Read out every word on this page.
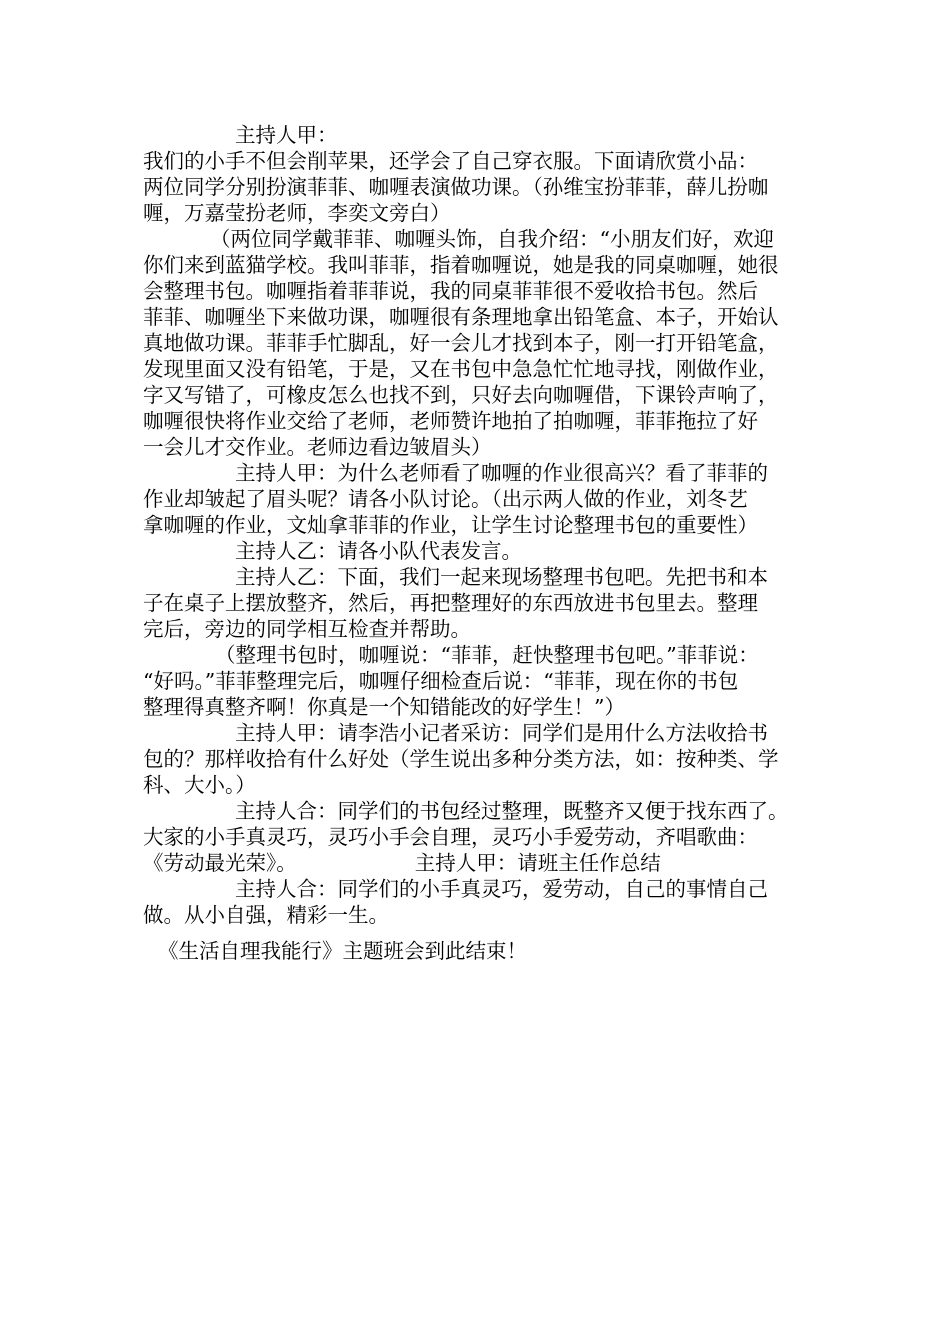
主持人甲：
我们的小手不但会削苹果，还学会了自己穿衣服。下面请欣赏小品：
两位同学分别扮演菲菲、咖喱表演做功课。（孙维宝扮菲菲，薛儿扮咖
喱，万嘉莹扮老师，李奕文旁白）
（两位同学戴菲菲、咖喱头饰，自我介绍：“小朋友们好，欢迎
你们来到蓝猫学校。我叫菲菲，指着咖喱说，她是我的同桌咖喱，她很
会整理书包。咖喱指着菲菲说，我的同桌菲菲很不爱收拾书包。然后
菲菲、咖喱坐下来做功课，咖喱很有条理地拿出铅笔盒、本子，开始认
真地做功课。菲菲手忙脚乱，好一会儿才找到本子，刚一打开铅笔盒，
发现里面又没有铅笔，于是，又在书包中急急忙忙地寻找，刚做作业，
字又写错了，可橡皮怎么也找不到，只好去向咖喱借，下课铃声响了，
咖喱很快将作业交给了老师，老师赞许地拍了拍咖喱，菲菲拖拉了好
一会儿才交作业。老师边看边皱眉头）
主持人甲：为什么老师看了咖喱的作业很高兴？看了菲菲的
作业却皱起了眉头呢？请各小队讨论。（出示两人做的作业，刘冬艺
拿咖喱的作业，文灿拿菲菲的作业，让学生讨论整理书包的重要性）
主持人乙：请各小队代表发言。
主持人乙：下面，我们一起来现场整理书包吧。先把书和本
子在桌子上摆放整齐，然后，再把整理好的东西放进书包里去。整理
完后，旁边的同学相互检查并帮助。
（整理书包时，咖喱说：“菲菲，赶快整理书包吧。”菲菲说：
“好吗。”菲菲整理完后，咖喱仔细检查后说：“菲菲，现在你的书包
整理得真整齐啊！你真是一个知错能改的好学生！”）
主持人甲：请李浩小记者采访：同学们是用什么方法收拾书
包的？那样收拾有什么好处（学生说出多种分类方法，如：按种类、学
科、大小。）
主持人合：同学们的书包经过整理，既整齐又便于找东西了。
大家的小手真灵巧，灵巧小手会自理，灵巧小手爱劳动，齐唱歌曲：
《劳动最光荣》。	主持人甲：请班主任作总结
主持人合：同学们的小手真灵巧，爱劳动，自己的事情自己
做。从小自强，精彩一生。
《生活自理我能行》主题班会到此结束！
